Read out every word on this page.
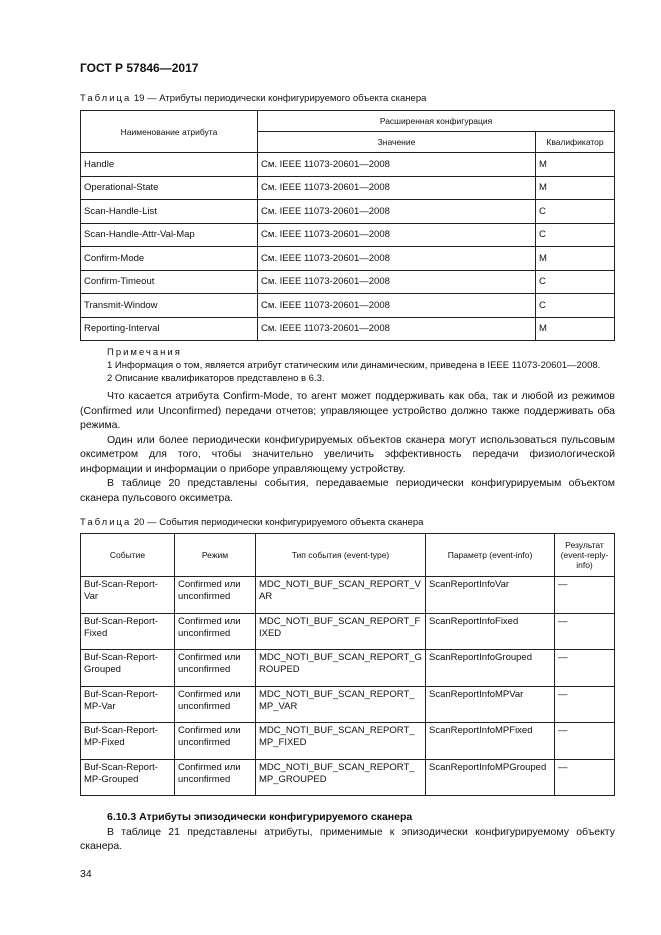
ГОСТ Р 57846—2017
Таблица 19 — Атрибуты периодически конфигурируемого объекта сканера
Наименование атрибута	Расширенная конфигурация	
	Значение	Квалификатор
Handle	См. IEEE 11073-20601—2008	M
Operational-State	См. IEEE 11073-20601—2008	M
Scan-Handle-List	См. IEEE 11073-20601—2008	C
Scan-Handle-Attr-Val-Map	См. IEEE 11073-20601—2008	C
Confirm-Mode	См. IEEE 11073-20601—2008	M
Confirm-Timeout	См. IEEE 11073-20601—2008	C
Transmit-Window	См. IEEE 11073-20601—2008	C
Reporting-Interval	См. IEEE 11073-20601—2008	M
Примечания
1 Информация о том, является атрибут статическим или динамическим, приведена в IEEE 11073-20601—2008.
2 Описание квалификаторов представлено в 6.3.

Что касается атрибута Confirm-Mode, то агент может поддерживать как оба, так и любой из режимов (Confirmed или Unconfirmed) передачи отчетов; управляющее устройство должно также поддерживать оба режима.

Один или более периодически конфигурируемых объектов сканера могут использоваться пульсовым оксиметром для того, чтобы значительно увеличить эффективность передачи физиологической информации и информации о приборе управляющему устройству.

В таблице 20 представлены события, передаваемые периодически конфигурируемым объектом сканера пульсового оксиметра.

Таблица 20 — События периодически конфигурируемого объекта сканера
Событие	Режим	Тип события (event-type)	Параметр (event-info)	Результат (event-reply-info)
Buf-Scan-Report-Var	Confirmed или unconfirmed	MDC_NOTI_BUF_SCAN_REPORT_VAR	ScanReportInfoVar	—
Buf-Scan-Report-Fixed	Confirmed или unconfirmed	MDC_NOTI_BUF_SCAN_REPORT_FIXED	ScanReportInfoFixed	—
Buf-Scan-Report-Grouped	Confirmed или unconfirmed	MDC_NOTI_BUF_SCAN_REPORT_GROUPED	ScanReportInfoGrouped	—
Buf-Scan-Report-MP-Var	Confirmed или unconfirmed	MDC_NOTI_BUF_SCAN_REPORT_MP_VAR	ScanReportInfoMPVar	—
Buf-Scan-Report-MP-Fixed	Confirmed или unconfirmed	MDC_NOTI_BUF_SCAN_REPORT_MP_FIXED	ScanReportInfoMPFixed	—
Buf-Scan-Report-MP-Grouped	Confirmed или unconfirmed	MDC_NOTI_BUF_SCAN_REPORT_MP_GROUPED	ScanReportInfoMPGrouped	—
6.10.3 Атрибуты эпизодически конфигурируемого сканера

В таблице 21 представлены атрибуты, применимые к эпизодически конфигурируемому объекту сканера.

34
